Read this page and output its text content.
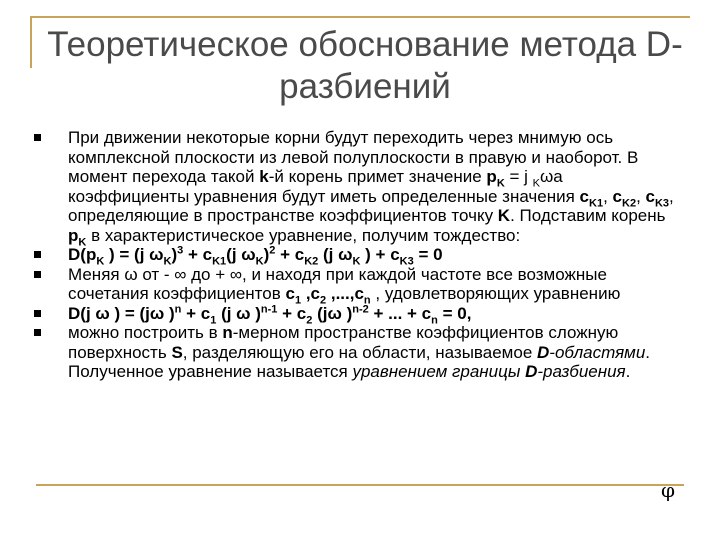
Теоретическое обоснование метода D-разбиений
При движении некоторые корни будут переходить через мнимую ось комплексной плоскости из левой полуплоскости в правую и наоборот. В момент перехода такой k-й корень примет значение $p_K = j$ $_K$ωa коэффициенты уравнения будут иметь определенные значения $c_{K1}$, $c_{K2}$, $c_{K3}$, определяющие в пространстве коэффициентов точку K. Подставим корень $p_K$ в характеристическое уравнение, получим тождество:
$D(p_K$ ) = (j $\omega_K)^3 + c_{K1}(j$ $\omega_K)^2 + c_{K2}$ (j $\omega_K$ ) + $c_{K3} = 0$
Меняя ω от - ∞ до + ∞, и находя при каждой частоте все возможные сочетания коэффициентов $c_1$ $,c_2$ $,...,c_n$ , удовлетворяющих уравнению
D(j ω ) = (jω )$^n + c_1$ (j ω )$^{n-1} + c_2$ (jω )$^{n-2}$ + ... + $c_n = 0$,
можно построить в n-мерном пространстве коэффициентов сложную поверхность S, разделяющую его на области, называемое D-областями. Полученное уравнение называется уравнением границы D-разбиения.
φ
